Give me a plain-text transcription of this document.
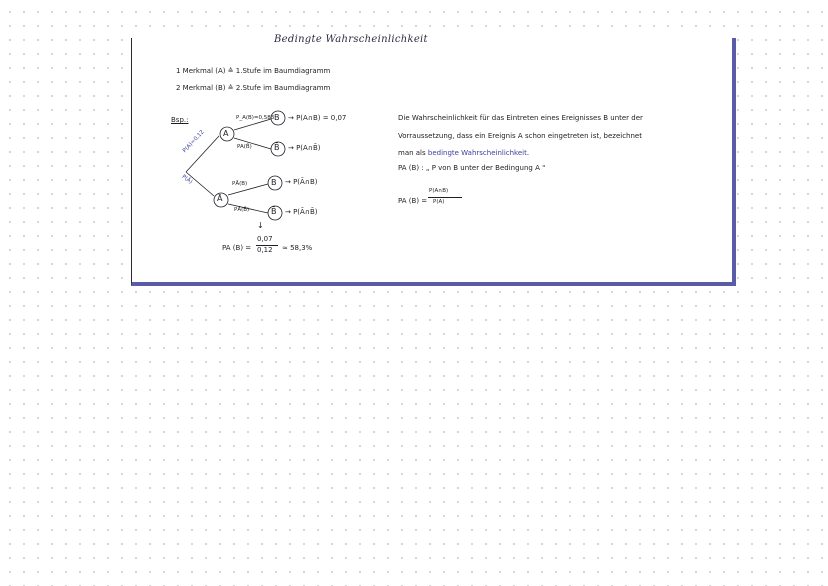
Bedingte Wahrscheinlichkeit
1 Merkmal (A) ≙ 1.Stufe im Baumdiagramm
2 Merkmal (B) ≙ 2.Stufe im Baumdiagramm
Bsp.:
A
Ā
B
B̄
B
B̄
P(A)=0,12
P(Ā)
P_A(B)=0,583
PA(B̄)
PĀ(B)
PĀ(B̄)
→ P(A∩B) = 0,07
→ P(A∩B̄)
→ P(Ā∩B)
→ P(Ā∩B̄)
↓
PA (B) =
0,07
0,12 ≈ 58,3%
Die Wahrscheinlichkeit für das Eintreten eines Ereignisses B unter der
Vorraussetzung, dass ein Ereignis A schon eingetreten ist, bezeichnet
man als bedingte Wahrscheinlichkeit.
PA (B) : „ P von B unter der Bedingung A "
PA (B) =
P(A∩B)
P(A)
